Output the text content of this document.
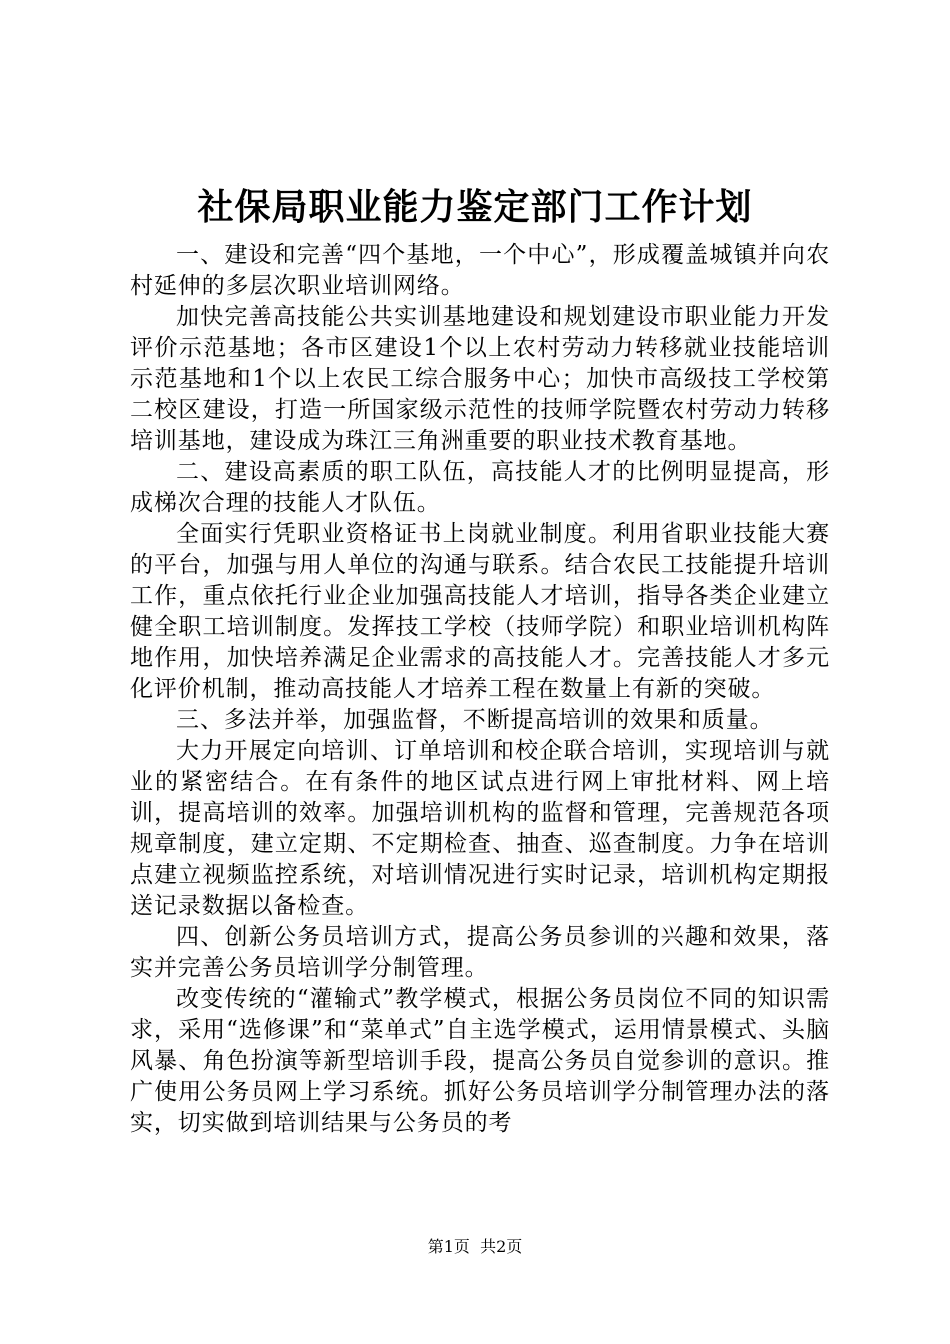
社保局职业能力鉴定部门工作计划

一、建设和完善“四个基地，一个中心”，形成覆盖城镇并向农村延伸的多层次职业培训网络。

加快完善高技能公共实训基地建设和规划建设市职业能力开发评价示范基地；各市区建设1个以上农村劳动力转移就业技能培训示范基地和1个以上农民工综合服务中心；加快市高级技工学校第二校区建设，打造一所国家级示范性的技师学院暨农村劳动力转移培训基地，建设成为珠江三角洲重要的职业技术教育基地。

二、建设高素质的职工队伍，高技能人才的比例明显提高，形成梯次合理的技能人才队伍。

全面实行凭职业资格证书上岗就业制度。利用省职业技能大赛的平台，加强与用人单位的沟通与联系。结合农民工技能提升培训工作，重点依托行业企业加强高技能人才培训，指导各类企业建立健全职工培训制度。发挥技工学校（技师学院）和职业培训机构阵地作用，加快培养满足企业需求的高技能人才。完善技能人才多元化评价机制，推动高技能人才培养工程在数量上有新的突破。

三、多法并举，加强监督，不断提高培训的效果和质量。

大力开展定向培训、订单培训和校企联合培训，实现培训与就业的紧密结合。在有条件的地区试点进行网上审批材料、网上培训，提高培训的效率。加强培训机构的监督和管理，完善规范各项规章制度，建立定期、不定期检查、抽查、巡查制度。力争在培训点建立视频监控系统，对培训情况进行实时记录，培训机构定期报送记录数据以备检查。

四、创新公务员培训方式，提高公务员参训的兴趣和效果，落实并完善公务员培训学分制管理。

改变传统的“灌输式”教学模式，根据公务员岗位不同的知识需求，采用“选修课”和“菜单式”自主选学模式，运用情景模式、头脑风暴、角色扮演等新型培训手段，提高公务员自觉参训的意识。推广使用公务员网上学习系统。抓好公务员培训学分制管理办法的落实，切实做到培训结果与公务员的考

第1页 共2页
